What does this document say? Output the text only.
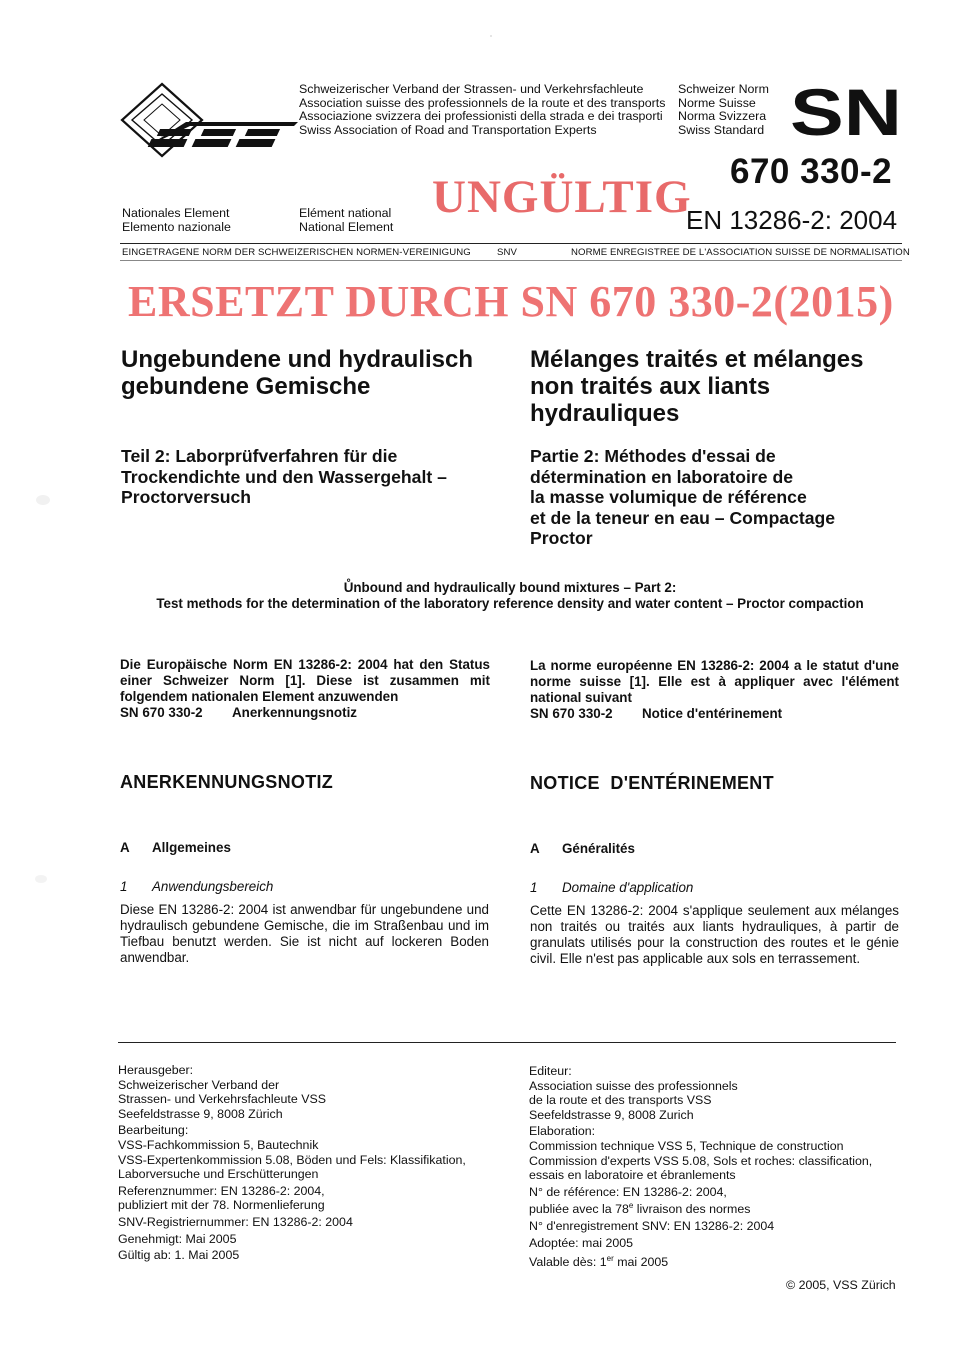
Schweizerischer Verband der Strassen- und Verkehrsfachleute
Association suisse des professionnels de la route et des transports
Associazione svizzera dei professionisti della strada e dei trasporti
Swiss Association of Road and Transportation Experts
Schweizer Norm
Norme Suisse
Norma Svizzera
Swiss Standard SN
670 330-2
UNGÜLTIG
EN 13286-2: 2004
Nationales Element
Elemento nazionale
Elément national
National Element
EINGETRAGENE NORM DER SCHWEIZERISCHEN NORMEN-VEREINIGUNG	SNV	NORME ENREGISTREE DE L'ASSOCIATION SUISSE DE NORMALISATION
ERSETZT DURCH SN 670 330-2(2015)
Ungebundene und hydraulisch
gebundene Gemische
Mélanges traités et mélanges
non traités aux liants
hydrauliques
Teil 2: Laborprüfverfahren für die
Trockendichte und den Wassergehalt –
Proctorversuch
Partie 2: Méthodes d'essai de
détermination en laboratoire de
la masse volumique de référence
et de la teneur en eau – Compactage
Proctor
Ůnbound and hydraulically bound mixtures – Part 2:
Test methods for the determination of the laboratory reference density and water content – Proctor compaction
Die Europäische Norm EN 13286-2: 2004 hat den Status einer Schweizer Norm [1]. Diese ist zusammen mit folgendem nationalen Element anzuwenden
SN 670 330-2 Anerkennungsnotiz
La norme européenne EN 13286-2: 2004 a le statut d'une norme suisse [1]. Elle est à appliquer avec l'élément national suivant
SN 670 330-2 Notice d'entérinement
ANERKENNUNGSNOTIZ	NOTICE  D'ENTÉRINEMENT
A Allgemeines	A Généralités
1 Anwendungsbereich	1 Domaine d'application
Diese EN 13286-2: 2004 ist anwendbar für ungebundene und hydraulisch gebundene Gemische, die im Straßenbau und im Tiefbau benutzt werden. Sie ist nicht auf lockeren Boden anwendbar.
Cette EN 13286-2: 2004 s'applique seulement aux mélanges non traités ou traités aux liants hydrauliques, à partir de granulats utilisés pour la construction des routes et le génie civil. Elle n'est pas applicable aux sols en terrassement.
Herausgeber:
Schweizerischer Verband der
Strassen- und Verkehrsfachleute VSS
Seefeldstrasse 9, 8008 Zürich
Bearbeitung:
VSS-Fachkommission 5, Bautechnik
VSS-Expertenkommission 5.08, Böden und Fels: Klassifikation,
Laborversuche und Erschütterungen
Referenznummer: EN 13286-2: 2004,
publiziert mit der 78. Normenlieferung
SNV-Registriernummer: EN 13286-2: 2004
Genehmigt: Mai 2005
Gültig ab: 1. Mai 2005
Editeur:
Association suisse des professionnels
de la route et des transports VSS
Seefeldstrasse 9, 8008 Zurich
Elaboration:
Commission technique VSS 5, Technique de construction
Commission d'experts VSS 5.08, Sols et roches: classification,
essais en laboratoire et ébranlements
N° de référence: EN 13286-2: 2004,
publiée avec la 78e livraison des normes
N° d'enregistrement SNV: EN 13286-2: 2004
Adoptée: mai 2005
Valable dès: 1er mai 2005
© 2005, VSS Zürich
